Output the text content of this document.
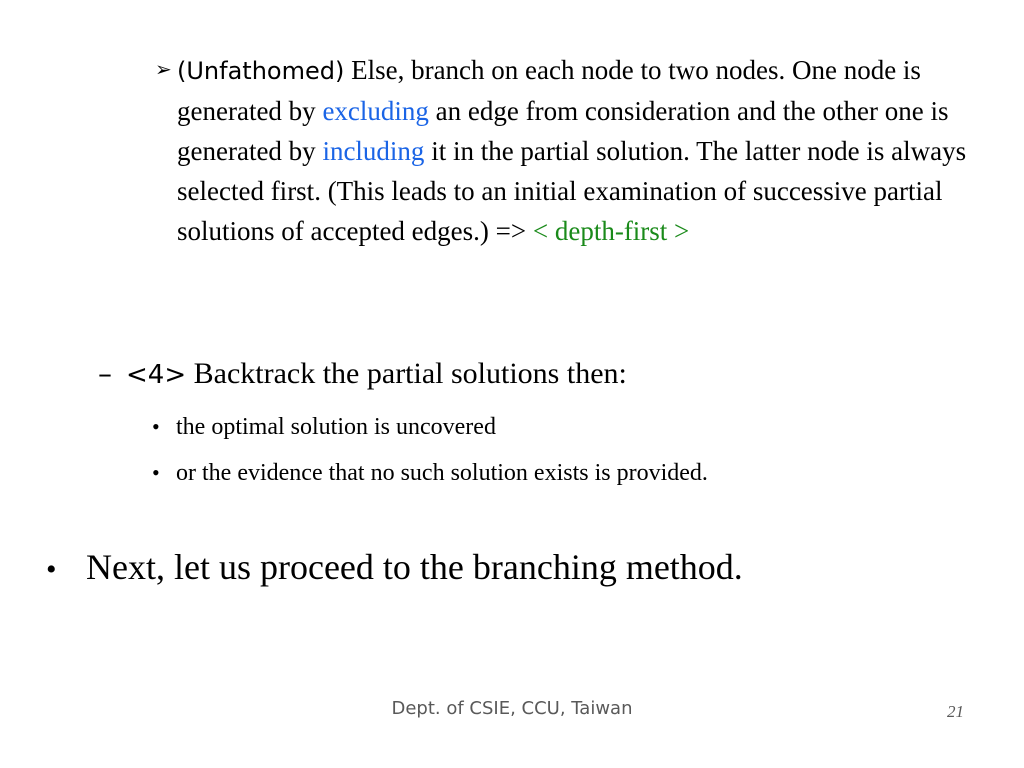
➢ (Unfathomed) Else, branch on each node to two nodes. One node is generated by excluding an edge from consideration and the other one is generated by including it in the partial solution. The latter node is always selected first. (This leads to an initial examination of successive partial solutions of accepted edges.) => < depth-first >
– <4> Backtrack the partial solutions then:
• the optimal solution is uncovered
• or the evidence that no such solution exists is provided.
• Next, let us proceed to the branching method.
Dept. of CSIE, CCU, Taiwan	21
